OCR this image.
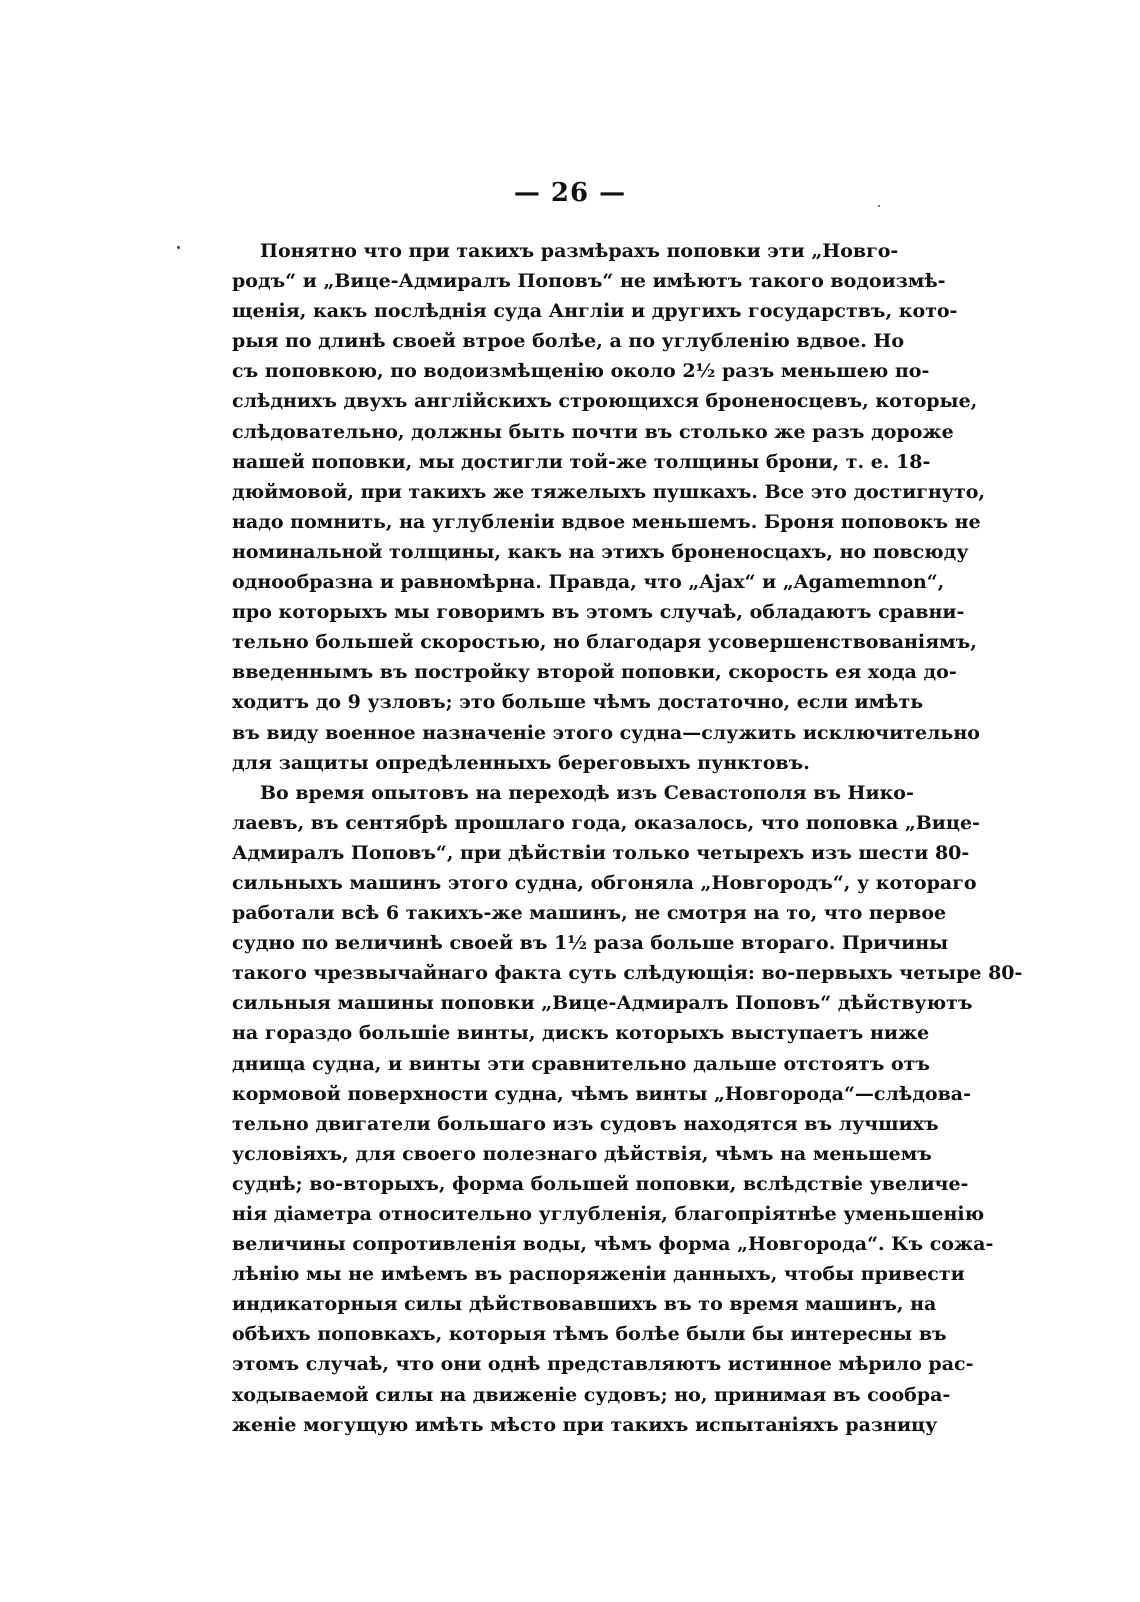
— 26 —
Понятно что при такихъ размѣрахъ поповки эти „Новго-
родъ“ и „Вице-Адмиралъ Поповъ“ не имѣютъ такого водоизмѣ-
щенія, какъ послѣднія суда Англіи и другихъ государствъ, кото-
рыя по длинѣ своей втрое болѣе, а по углубленію вдвое. Но
съ поповкою, по водоизмѣщенію около 2½ разъ меньшею по-
слѣднихъ двухъ англійскихъ строющихся броненосцевъ, которые,
слѣдовательно, должны быть почти въ столько же разъ дороже
нашей поповки, мы достигли той-же толщины брони, т. е. 18-
дюймовой, при такихъ же тяжелыхъ пушкахъ. Все это достигнуто,
надо помнить, на углубленіи вдвое меньшемъ. Броня поповокъ не
номинальной толщины, какъ на этихъ броненосцахъ, но повсюду
однообразна и равномѣрна. Правда, что „Ajax“ и „Agamemnon“,
про которыхъ мы говоримъ въ этомъ случаѣ, обладаютъ сравни-
тельно большей скоростью, но благодаря усовершенствованіямъ,
введеннымъ въ постройку второй поповки, скорость ея хода до-
ходитъ до 9 узловъ; это больше чѣмъ достаточно, если имѣть
въ виду военное назначеніе этого судна—служить исключительно
для защиты опредѣленныхъ береговыхъ пунктовъ.
Во время опытовъ на переходѣ изъ Севастополя въ Нико-
лаевъ, въ сентябрѣ прошлаго года, оказалось, что поповка „Вице-
Адмиралъ Поповъ“, при дѣйствіи только четырехъ изъ шести 80-
сильныхъ машинъ этого судна, обгоняла „Новгородъ“, у котораго
работали всѣ 6 такихъ-же машинъ, не смотря на то, что первое
судно по величинѣ своей въ 1½ раза больше втораго. Причины
такого чрезвычайнаго факта суть слѣдующія: во-первыхъ четыре 80-
сильныя машины поповки „Вице-Адмиралъ Поповъ“ дѣйствуютъ
на гораздо большіе винты, дискъ которыхъ выступаетъ ниже
днища судна, и винты эти сравнительно дальше отстоятъ отъ
кормовой поверхности судна, чѣмъ винты „Новгорода“—слѣдова-
тельно двигатели большаго изъ судовъ находятся въ лучшихъ
условіяхъ, для своего полезнаго дѣйствія, чѣмъ на меньшемъ
суднѣ; во-вторыхъ, форма большей поповки, вслѣдствіе увеличе-
нія діаметра относительно углубленія, благопріятнѣе уменьшенію
величины сопротивленія воды, чѣмъ форма „Новгорода“. Къ сожа-
лѣнію мы не имѣемъ въ распоряженіи данныхъ, чтобы привести
индикаторныя силы дѣйствовавшихъ въ то время машинъ, на
обѣихъ поповкахъ, которыя тѣмъ болѣе были бы интересны въ
этомъ случаѣ, что они однѣ представляютъ истинное мѣрило рас-
ходываемой силы на движеніе судовъ; но, принимая въ сообра-
женіе могущую имѣть мѣсто при такихъ испытаніяхъ разницу
